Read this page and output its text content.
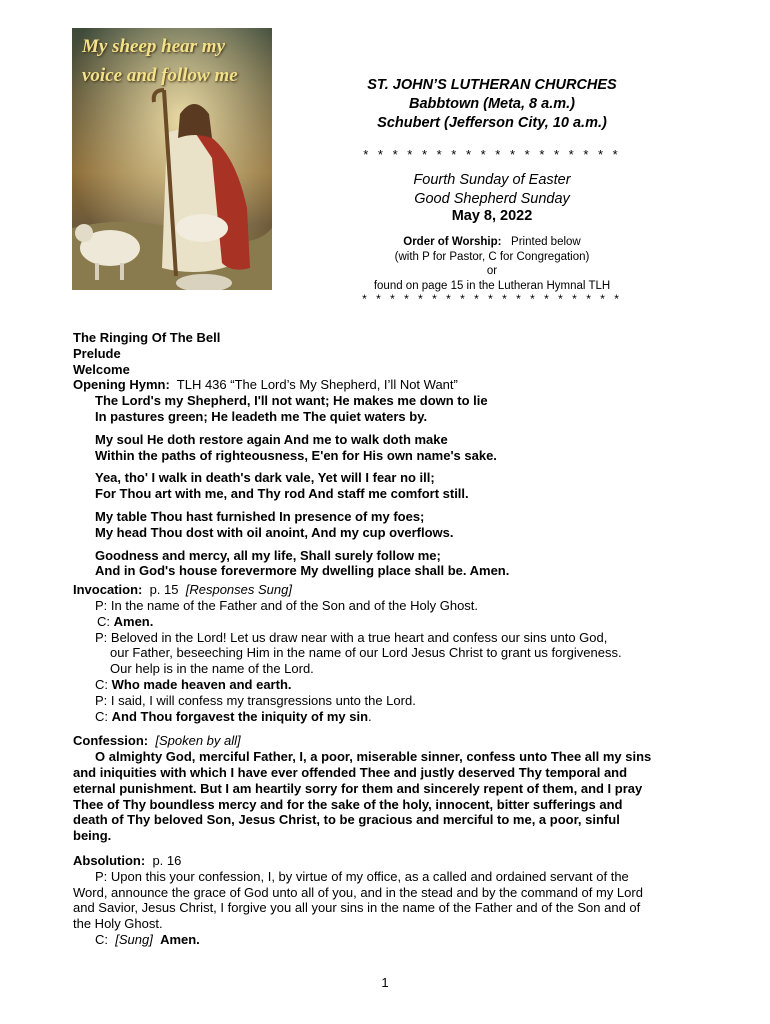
My sheep hear my
voice and follow me	ST. JOHN’S LUTHERAN CHURCHES
Babbtown (Meta, 8 a.m.)
Schubert (Jefferson City, 10 a.m.)
* * * * * * * * * * * * * * * * * *
Fourth Sunday of Easter
Good Shepherd Sunday
May 8, 2022
Order of Worship: Printed below
(with P for Pastor, C for Congregation)
or
found on page 15 in the Lutheran Hymnal TLH
* * * * * * * * * * * * * * * * * * *
The Ringing Of The Bell
Prelude
Welcome
Opening Hymn: TLH 436 “The Lord’s My Shepherd, I’ll Not Want”
The Lord's my Shepherd, I'll not want; He makes me down to lie
In pastures green; He leadeth me The quiet waters by.
My soul He doth restore again And me to walk doth make
Within the paths of righteousness, E'en for His own name's sake.
Yea, tho' I walk in death's dark vale, Yet will I fear no ill;
For Thou art with me, and Thy rod And staff me comfort still.
My table Thou hast furnished In presence of my foes;
My head Thou dost with oil anoint, And my cup overflows.
Goodness and mercy, all my life, Shall surely follow me;
And in God's house forevermore My dwelling place shall be. Amen.
Invocation: p. 15 [Responses Sung]
P: In the name of the Father and of the Son and of the Holy Ghost.
C: Amen.
P: Beloved in the Lord! Let us draw near with a true heart and confess our sins unto God,
our Father, beseeching Him in the name of our Lord Jesus Christ to grant us forgiveness.
Our help is in the name of the Lord.
C: Who made heaven and earth.
P: I said, I will confess my transgressions unto the Lord.
C: And Thou forgavest the iniquity of my sin.
Confession: [Spoken by all]
O almighty God, merciful Father, I, a poor, miserable sinner, confess unto Thee all my sins
and iniquities with which I have ever offended Thee and justly deserved Thy temporal and
eternal punishment. But I am heartily sorry for them and sincerely repent of them, and I pray
Thee of Thy boundless mercy and for the sake of the holy, innocent, bitter sufferings and
death of Thy beloved Son, Jesus Christ, to be gracious and merciful to me, a poor, sinful
being.
Absolution: p. 16
P: Upon this your confession, I, by virtue of my office, as a called and ordained servant of the
Word, announce the grace of God unto all of you, and in the stead and by the command of my Lord
and Savior, Jesus Christ, I forgive you all your sins in the name of the Father and of the Son and of
the Holy Ghost.
C: [Sung] Amen.
1
